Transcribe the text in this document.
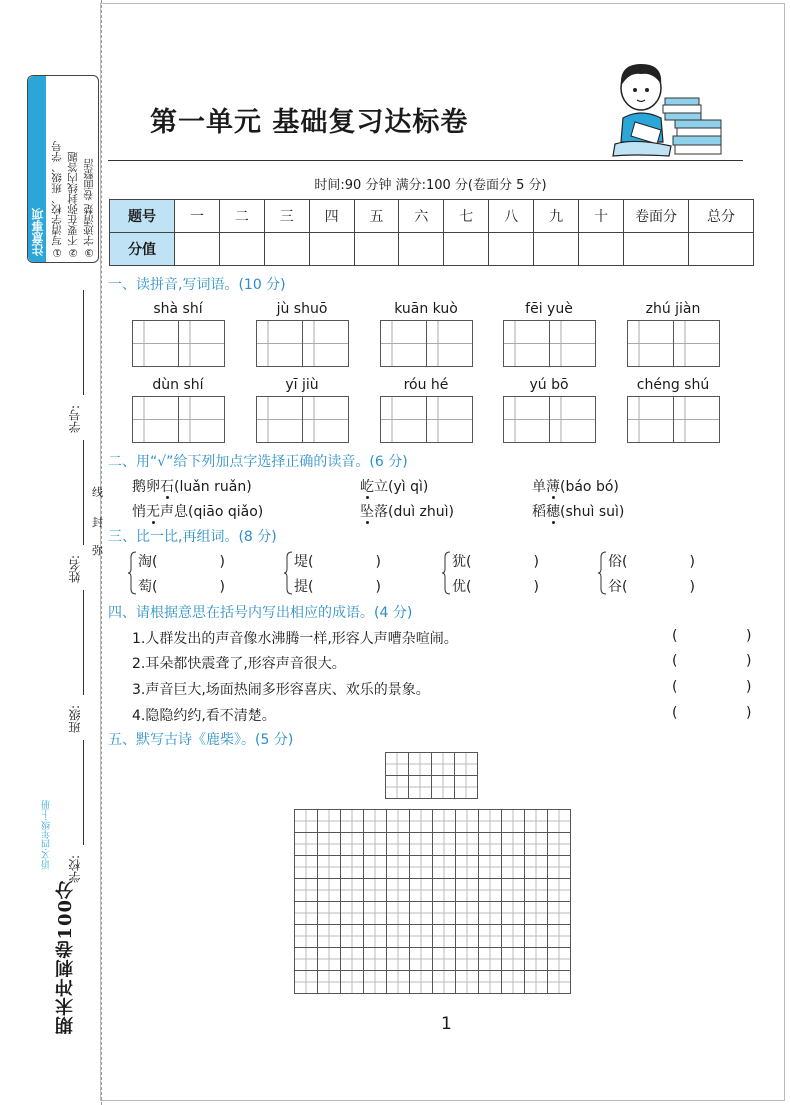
注意事项 ①写清学校、班级、学号 ②不要在弥封线内答题 ③字迹清楚 卷面整洁
学号:
姓名:
班级:
学校:
线
封
弥
语文·四年级·上册
期末冲刺卷100分
第一单元 基础复习达标卷
时间:90 分钟 满分:100 分(卷面分 5 分)
题号	一	二	三	四	五	六	七	八	九	十	卷面分	总分
分值												
一、读拼音,写词语。(10 分)
shà shí	jù shuō	kuān kuò	fēi yuè	zhú jiàn
dùn shí	yī jiù	róu hé	yú bō	chéng shú
二、用“√”给下列加点字选择正确的读音。(6 分)
鹅卵石(luǎn ruǎn)	屹立(yì qì)	单薄(báo bó)
悄无声息(qiāo qiǎo)	坠落(duì zhuì)	稻穗(shuì suì)
三、比一比,再组词。(8 分)
淘(	)
萄(	)
堤(	)
提(	)
犹(	)
优(	)
俗(	)
谷(	)
四、请根据意思在括号内写出相应的成语。(4 分)
1.人群发出的声音像水沸腾一样,形容人声嘈杂喧闹。
2.耳朵都快震聋了,形容声音很大。
3.声音巨大,场面热闹多形容喜庆、欢乐的景象。
4.隐隐约约,看不清楚。
(	)
(	)
(	)
(	)
五、默写古诗《鹿柴》。(5 分)
1
